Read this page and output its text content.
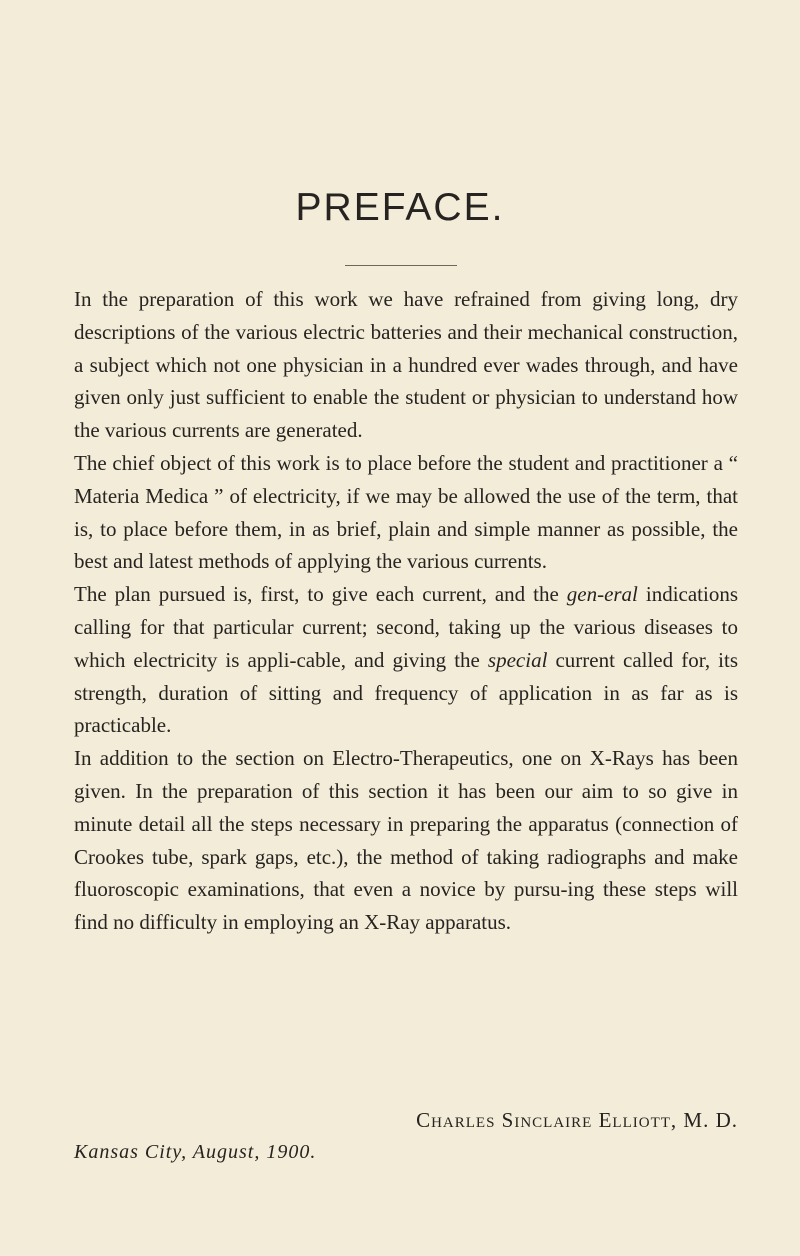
PREFACE.

In the preparation of this work we have refrained from giving long, dry descriptions of the various electric batteries and their mechanical construction, a subject which not one physician in a hundred ever wades through, and have given only just sufficient to enable the student or physician to understand how the various currents are generated.

The chief object of this work is to place before the student and practitioner a “ Materia Medica ” of electricity, if we may be allowed the use of the term, that is, to place before them, in as brief, plain and simple manner as possible, the best and latest methods of applying the various currents.

The plan pursued is, first, to give each current, and the gen-eral indications calling for that particular current; second, taking up the various diseases to which electricity is appli-cable, and giving the special current called for, its strength, duration of sitting and frequency of application in as far as is practicable.

In addition to the section on Electro-Therapeutics, one on X-Rays has been given. In the preparation of this section it has been our aim to so give in minute detail all the steps necessary in preparing the apparatus (connection of Crookes tube, spark gaps, etc.), the method of taking radiographs and make fluoroscopic examinations, that even a novice by pursu-ing these steps will find no difficulty in employing an X-Ray apparatus.

Charles Sinclaire Elliott, M. D.
Kansas City, August, 1900.
